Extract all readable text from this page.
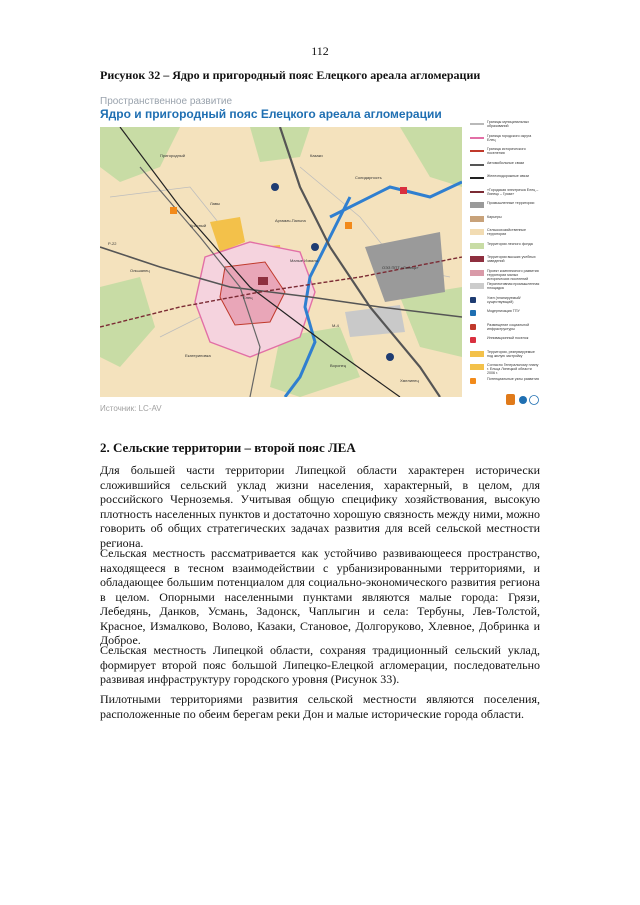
112
Рисунок 32 – Ядро и пригородный пояс Елецкого ареала агломерации
Пространственное развитие
Ядро и пригородный пояс Елецкого ареала агломерации
Елец
ОЭЗ ППТ «Липецк»
Р-22
М-4
Пригородный	Казаки
Солидарность
Лавы
Ольшанец
Аргамач-Пальна
Красный
Екатериновка
Воронец
Хмелинец
Малые Извалы
Границы муниципальных образований
Граница городского округа Елец
Граница исторического поселения
Автомобильные связи
Железнодорожные связи
«Городская электричка Елец – Липецк – Грязи»
Промышленные территории
Карьеры
Сельскохозяйственные территории
Территории лесного фонда
Территории высших учебных заведений
Проект комплексного развития территории малых исторических поселений
Перспективная промышленная площадка
Узел (планируемый/существующий)
Модернизация ТПУ
Размещение социальной инфраструктуры
Инновационный поселок
Территории, резервируемые под жилую застройку
Согласно Генеральному плану г. Ельца Липецкой области 2006 г.
Потенциальные узлы развития
Источник: LC-AV
2. Сельские территории – второй пояс ЛЕА

Для большей части территории Липецкой области характерен исторически сложившийся сельский уклад жизни населения, характерный, в целом, для российского Черноземья. Учитывая общую специфику хозяйствования, высокую плотность населенных пунктов и достаточно хорошую связность между ними, можно говорить об общих стратегических задачах развития для всей сельской местности региона.

Сельская местность рассматривается как устойчиво развивающееся пространство, находящееся в тесном взаимодействии с урбанизированными территориями, и обладающее большим потенциалом для социально-экономического развития региона в целом. Опорными населенными пунктами являются малые города: Грязи, Лебедянь, Данков, Усмань, Задонск, Чаплыгин и села: Тербуны, Лев-Толстой, Красное, Измалково, Волово, Казаки, Становое, Долгоруково, Хлевное, Добринка и Доброе.

Сельская местность Липецкой области, сохраняя традиционный сельский уклад, формирует второй пояс большой Липецко-Елецкой агломерации, последовательно развивая инфраструктуру городского уровня (Рисунок 33).

Пилотными территориями развития сельской местности являются поселения, расположенные по обеим берегам реки Дон и малые исторические города области.
